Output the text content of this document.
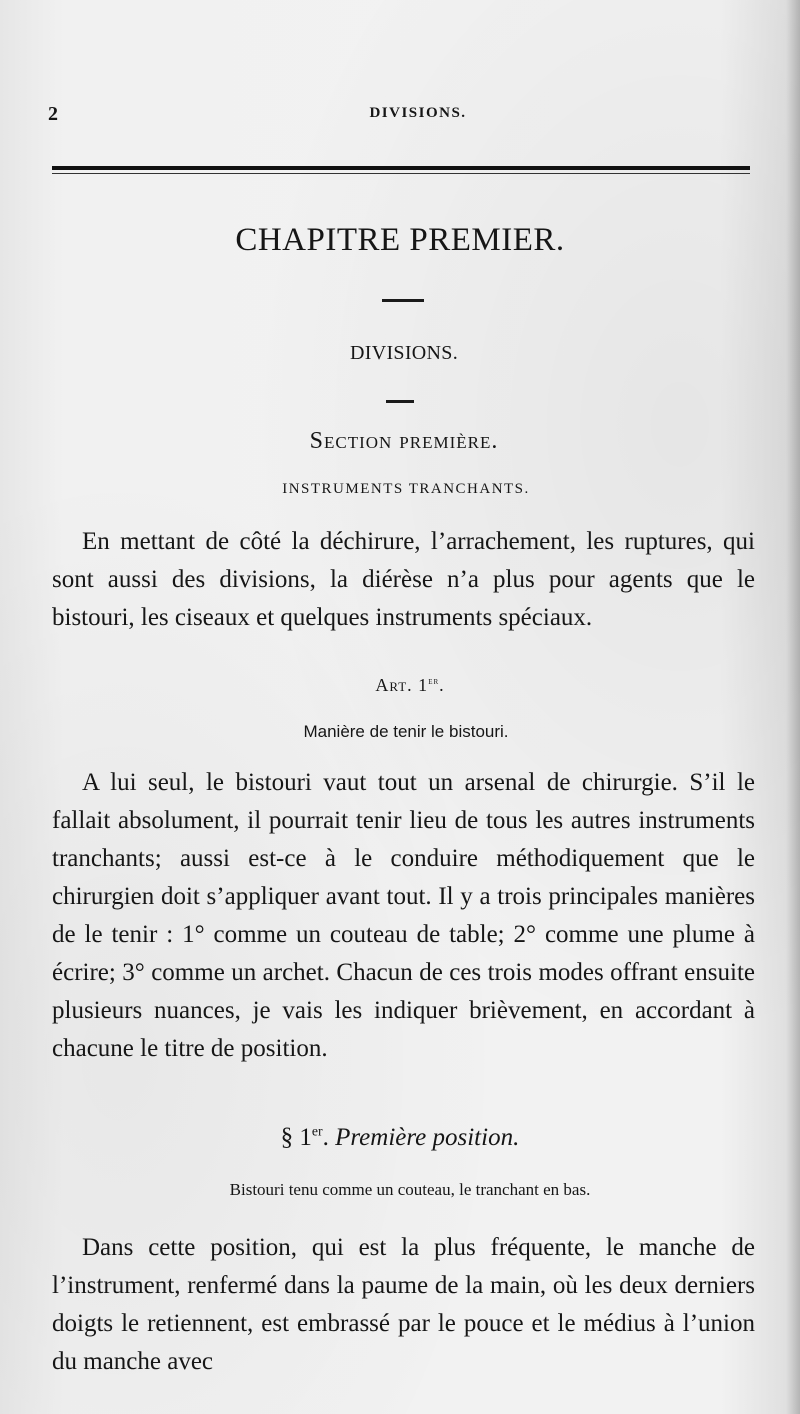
2	DIVISIONS.
CHAPITRE PREMIER.
DIVISIONS.
Section première.
INSTRUMENTS TRANCHANTS.

En mettant de côté la déchirure, l’arrachement, les ruptures, qui sont aussi des divisions, la diérèse n’a plus pour agents que le bistouri, les ciseaux et quelques instruments spéciaux.

Art. 1er.
Manière de tenir le bistouri.

A lui seul, le bistouri vaut tout un arsenal de chirurgie. S’il le fallait absolument, il pourrait tenir lieu de tous les autres instruments tranchants; aussi est-ce à le conduire méthodiquement que le chirurgien doit s’appliquer avant tout. Il y a trois principales manières de le tenir : 1° comme un couteau de table; 2° comme une plume à écrire; 3° comme un archet. Chacun de ces trois modes offrant ensuite plusieurs nuances, je vais les indiquer brièvement, en accordant à chacune le titre de position.

§ 1er. Première position.
Bistouri tenu comme un couteau, le tranchant en bas.

Dans cette position, qui est la plus fréquente, le manche de l’instrument, renfermé dans la paume de la main, où les deux derniers doigts le retiennent, est embrassé par le pouce et le médius à l’union du manche avec
